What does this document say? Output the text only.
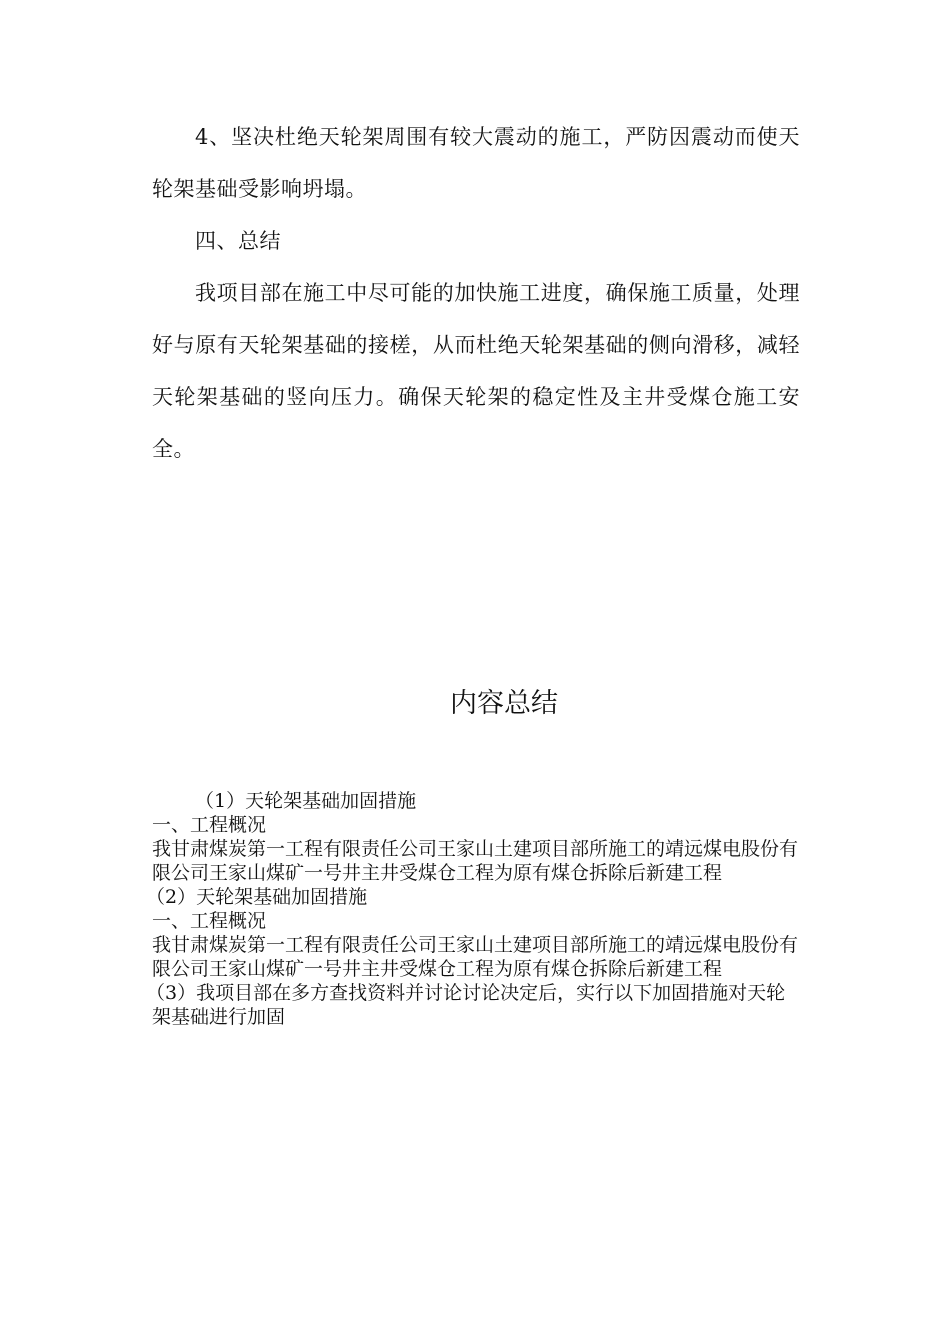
4、坚决杜绝天轮架周围有较大震动的施工，严防因震动而使天轮架基础受影响坍塌。

四、总结

我项目部在施工中尽可能的加快施工进度，确保施工质量，处理好与原有天轮架基础的接槎，从而杜绝天轮架基础的侧向滑移，减轻天轮架基础的竖向压力。确保天轮架的稳定性及主井受煤仓施工安全。

内容总结

（1）天轮架基础加固措施

一、工程概况

我甘肃煤炭第一工程有限责任公司王家山土建项目部所施工的靖远煤电股份有限公司王家山煤矿一号井主井受煤仓工程为原有煤仓拆除后新建工程

（2）天轮架基础加固措施

一、工程概况

我甘肃煤炭第一工程有限责任公司王家山土建项目部所施工的靖远煤电股份有限公司王家山煤矿一号井主井受煤仓工程为原有煤仓拆除后新建工程

（3）我项目部在多方查找资料并讨论讨论决定后，实行以下加固措施对天轮架基础进行加固
